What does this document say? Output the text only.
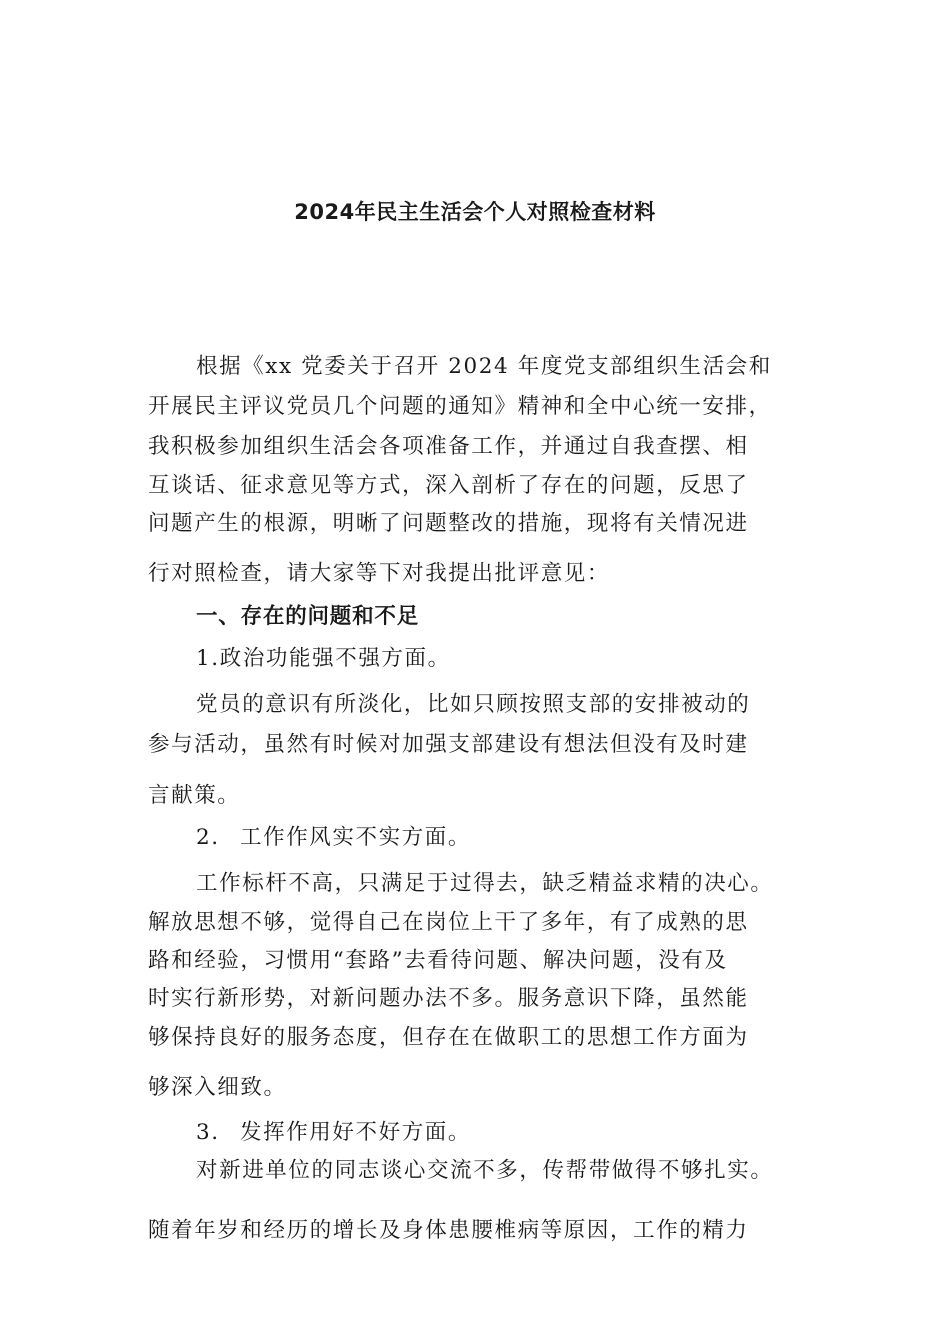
2024年民主生活会个人对照检查材料

根据《xx 党委关于召开 2024 年度党支部组织生活会和

开展民主评议党员几个问题的通知》精神和全中心统一安排，

我积极参加组织生活会各项准备工作，并通过自我查摆、相

互谈话、征求意见等方式，深入剖析了存在的问题，反思了

问题产生的根源，明晰了问题整改的措施，现将有关情况进

行对照检查，请大家等下对我提出批评意见：

一、存在的问题和不足

1.政治功能强不强方面。

党员的意识有所淡化，比如只顾按照支部的安排被动的

参与活动，虽然有时候对加强支部建设有想法但没有及时建

言献策。

2. 工作作风实不实方面。

工作标杆不高，只满足于过得去，缺乏精益求精的决心。

解放思想不够，觉得自己在岗位上干了多年，有了成熟的思

路和经验，习惯用“套路”去看待问题、解决问题，没有及

时实行新形势，对新问题办法不多。服务意识下降，虽然能

够保持良好的服务态度，但存在在做职工的思想工作方面为

够深入细致。

3. 发挥作用好不好方面。

对新进单位的同志谈心交流不多，传帮带做得不够扎实。

随着年岁和经历的增长及身体患腰椎病等原因，工作的精力
